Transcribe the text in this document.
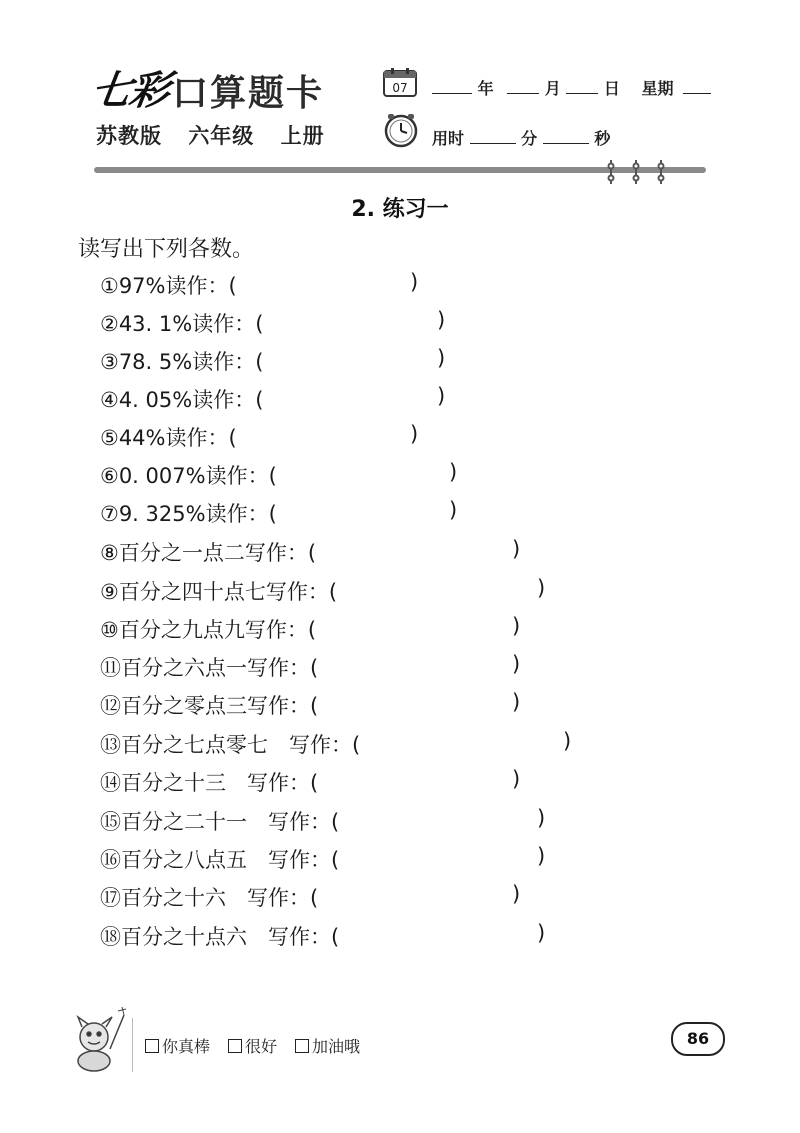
七彩 口算题卡
苏教版 六年级 上册
07	年	月	日 星期
用时	分	秒
2. 练习一
读写出下列各数。
①97%读作：(	)
②43. 1%读作：(	)
③78. 5%读作：(	)
④4. 05%读作：(	)
⑤44%读作：(	)
⑥0. 007%读作：(	)
⑦9. 325%读作：(	)
⑧百分之一点二写作：(	)
⑨百分之四十点七写作：(	)
⑩百分之九点九写作：(	)
⑪百分之六点一写作：(	)
⑫百分之零点三写作：(	)
⑬百分之七点零七　写作：(	)
⑭百分之十三　写作：(	)
⑮百分之二十一　写作：(	)
⑯百分之八点五　写作：(	)
⑰百分之十六　写作：(	)
⑱百分之十点六　写作：(	)
你真棒 很好 加油哦	86
